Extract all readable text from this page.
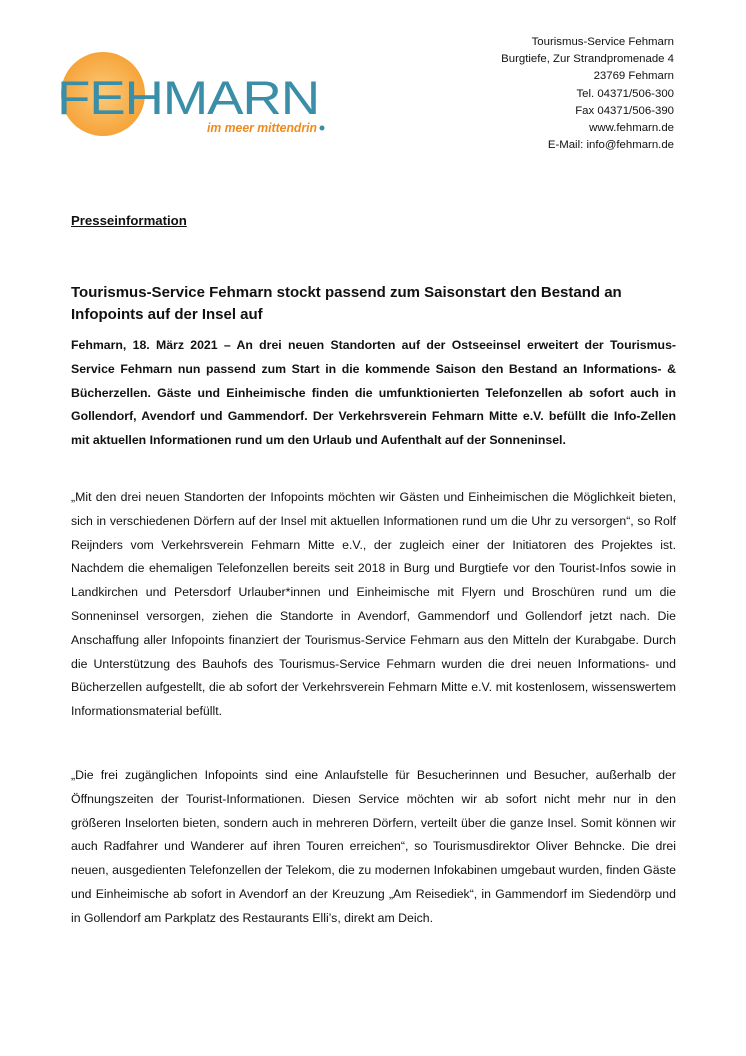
FEHMARN
im meer mittendrin
Tourismus-Service Fehmarn
Burgtiefe, Zur Strandpromenade 4
23769 Fehmarn
Tel. 04371/506-300
Fax 04371/506-390
www.fehmarn.de
E-Mail: info@fehmarn.de
Presseinformation
Tourismus-Service Fehmarn stockt passend zum Saisonstart den Bestand an Infopoints auf der Insel auf

Fehmarn, 18. März 2021 – An drei neuen Standorten auf der Ostseeinsel erweitert der Tourismus-Service Fehmarn nun passend zum Start in die kommende Saison den Bestand an Informations- & Bücherzellen. Gäste und Einheimische finden die umfunktionierten Telefonzellen ab sofort auch in Gollendorf, Avendorf und Gammendorf. Der Verkehrsverein Fehmarn Mitte e.V. befüllt die Info-Zellen mit aktuellen Informationen rund um den Urlaub und Aufenthalt auf der Sonneninsel.

„Mit den drei neuen Standorten der Infopoints möchten wir Gästen und Einheimischen die Möglichkeit bieten, sich in verschiedenen Dörfern auf der Insel mit aktuellen Informationen rund um die Uhr zu versorgen“, so Rolf Reijnders vom Verkehrsverein Fehmarn Mitte e.V., der zugleich einer der Initiatoren des Projektes ist. Nachdem die ehemaligen Telefonzellen bereits seit 2018 in Burg und Burgtiefe vor den Tourist-Infos sowie in Landkirchen und Petersdorf Urlauber*innen und Einheimische mit Flyern und Broschüren rund um die Sonneninsel versorgen, ziehen die Standorte in Avendorf, Gammendorf und Gollendorf jetzt nach. Die Anschaffung aller Infopoints finanziert der Tourismus-Service Fehmarn aus den Mitteln der Kurabgabe. Durch die Unterstützung des Bauhofs des Tourismus-Service Fehmarn wurden die drei neuen Informations- und Bücherzellen aufgestellt, die ab sofort der Verkehrsverein Fehmarn Mitte e.V. mit kostenlosem, wissenswertem Informationsmaterial befüllt.

„Die frei zugänglichen Infopoints sind eine Anlaufstelle für Besucherinnen und Besucher, außerhalb der Öffnungszeiten der Tourist-Informationen. Diesen Service möchten wir ab sofort nicht mehr nur in den größeren Inselorten bieten, sondern auch in mehreren Dörfern, verteilt über die ganze Insel. Somit können wir auch Radfahrer und Wanderer auf ihren Touren erreichen“, so Tourismusdirektor Oliver Behncke. Die drei neuen, ausgedienten Telefonzellen der Telekom, die zu modernen Infokabinen umgebaut wurden, finden Gäste und Einheimische ab sofort in Avendorf an der Kreuzung „Am Reisediek“, in Gammendorf im Siedendörp und in Gollendorf am Parkplatz des Restaurants Elli’s, direkt am Deich.
